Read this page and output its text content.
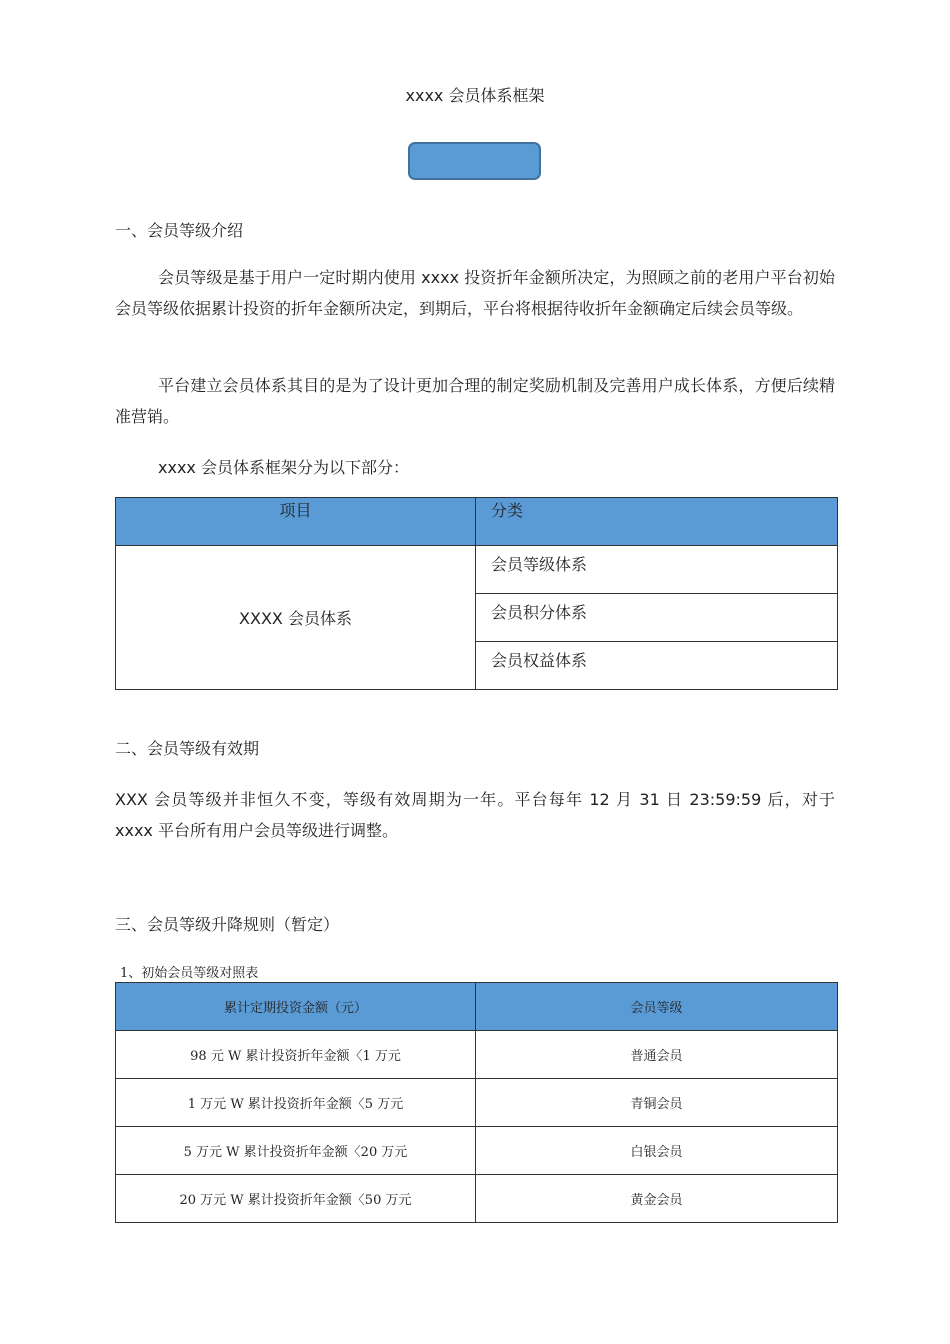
xxxx 会员体系框架
一、会员等级介绍

会员等级是基于用户一定时期内使用 xxxx 投资折年金额所决定，为照顾之前的老用户平台初始会员等级依据累计投资的折年金额所决定，到期后，平台将根据待收折年金额确定后续会员等级。

平台建立会员体系其目的是为了设计更加合理的制定奖励机制及完善用户成长体系，方便后续精准营销。

xxxx 会员体系框架分为以下部分：
项目	分类
XXXX 会员体系	会员等级体系
	会员积分体系
	会员权益体系
二、会员等级有效期

XXX 会员等级并非恒久不变，等级有效周期为一年。平台每年 12 月 31 日 23:59:59 后，对于 xxxx 平台所有用户会员等级进行调整。

三、会员等级升降规则（暂定）
1、初始会员等级对照表
累计定期投资金额（元）	会员等级
98 元 W 累计投资折年金额〈1 万元	普通会员
1 万元 W 累计投资折年金额〈5 万元	青铜会员
5 万元 W 累计投资折年金额〈20 万元	白银会员
20 万元 W 累计投资折年金额〈50 万元	黄金会员
